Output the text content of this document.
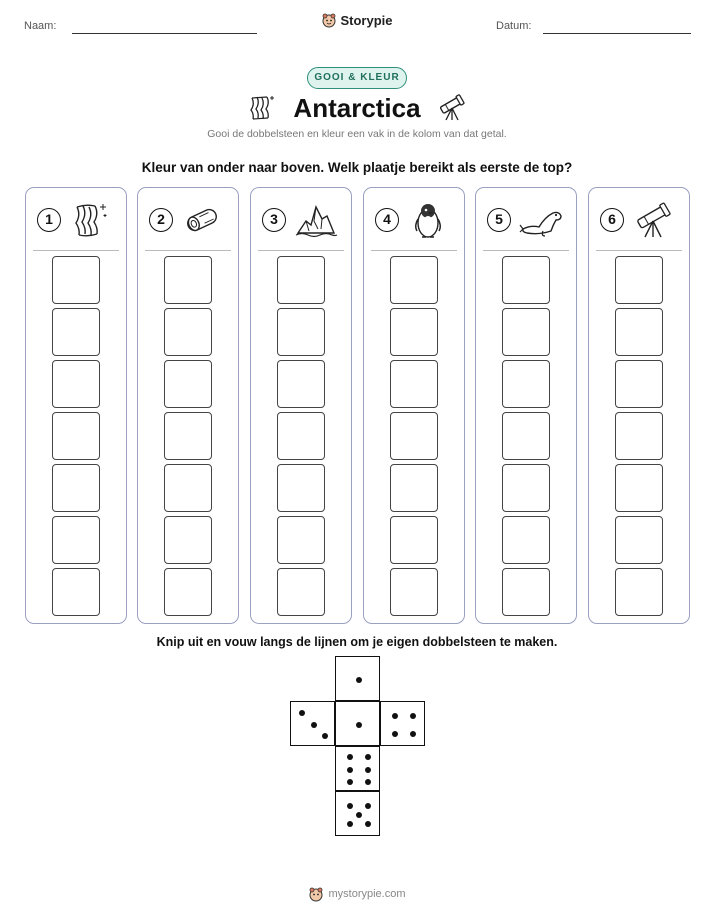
Naam:	Storypie	Datum:
GOOI & KLEUR
Antarctica
Gooi de dobbelsteen en kleur een vak in de kolom van dat getal.
Kleur van onder naar boven. Welk plaatje bereikt als eerste de top?
1	2	3	4	5	6
Knip uit en vouw langs de lijnen om je eigen dobbelsteen te maken.
mystorypie.com
